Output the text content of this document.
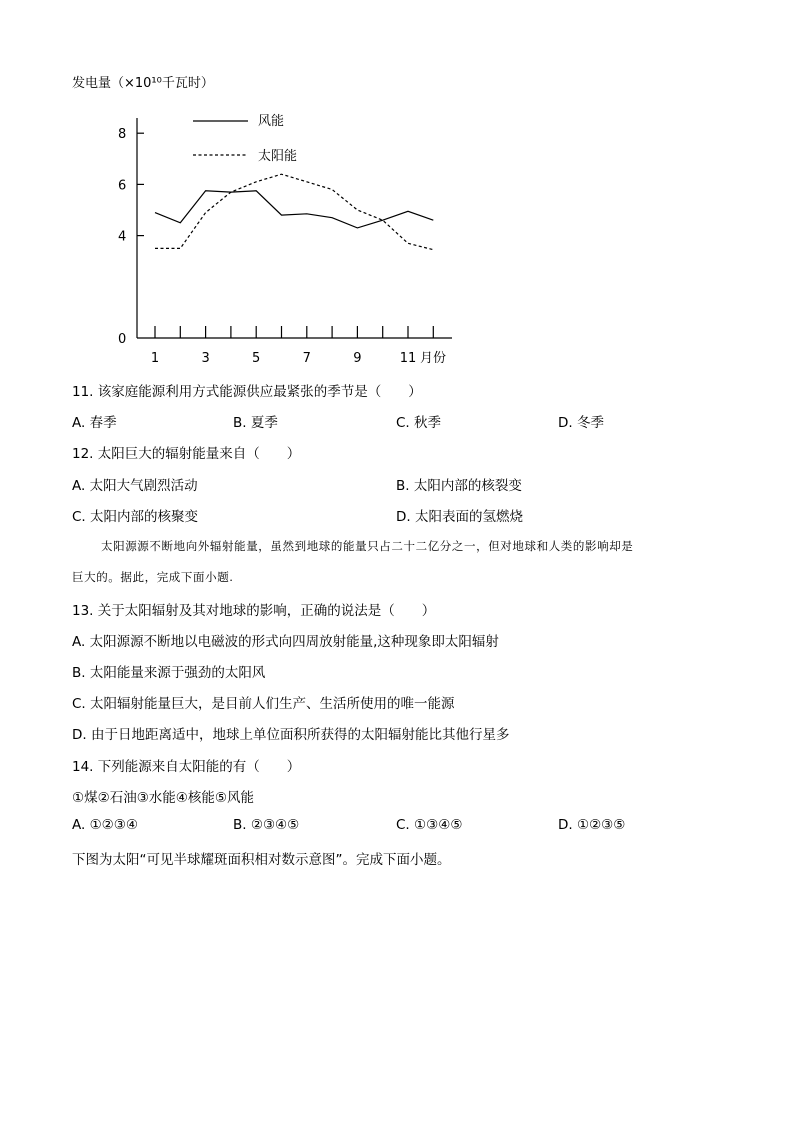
发电量（×10¹⁰千瓦时）
0
4
6
8
1	3	5	7	9	11
风能
太阳能
月份
11. 该家庭能源利用方式能源供应最紧张的季节是（　　）
A. 春季	B. 夏季	C. 秋季	D. 冬季
12. 太阳巨大的辐射能量来自（　　）
A. 太阳大气剧烈活动	B. 太阳内部的核裂变
C. 太阳内部的核聚变	D. 太阳表面的氢燃烧
太阳源源不断地向外辐射能量，虽然到地球的能量只占二十二亿分之一，但对地球和人类的影响却是
巨大的。据此，完成下面小题.
13. 关于太阳辐射及其对地球的影响，正确的说法是（　　）
A. 太阳源源不断地以电磁波的形式向四周放射能量,这种现象即太阳辐射
B. 太阳能量来源于强劲的太阳风
C. 太阳辐射能量巨大，是目前人们生产、生活所使用的唯一能源
D. 由于日地距离适中，地球上单位面积所获得的太阳辐射能比其他行星多
14. 下列能源来自太阳能的有（　　）
①煤②石油③水能④核能⑤风能
A. ①②③④	B. ②③④⑤	C. ①③④⑤	D. ①②③⑤
下图为太阳“可见半球耀斑面积相对数示意图”。完成下面小题。
